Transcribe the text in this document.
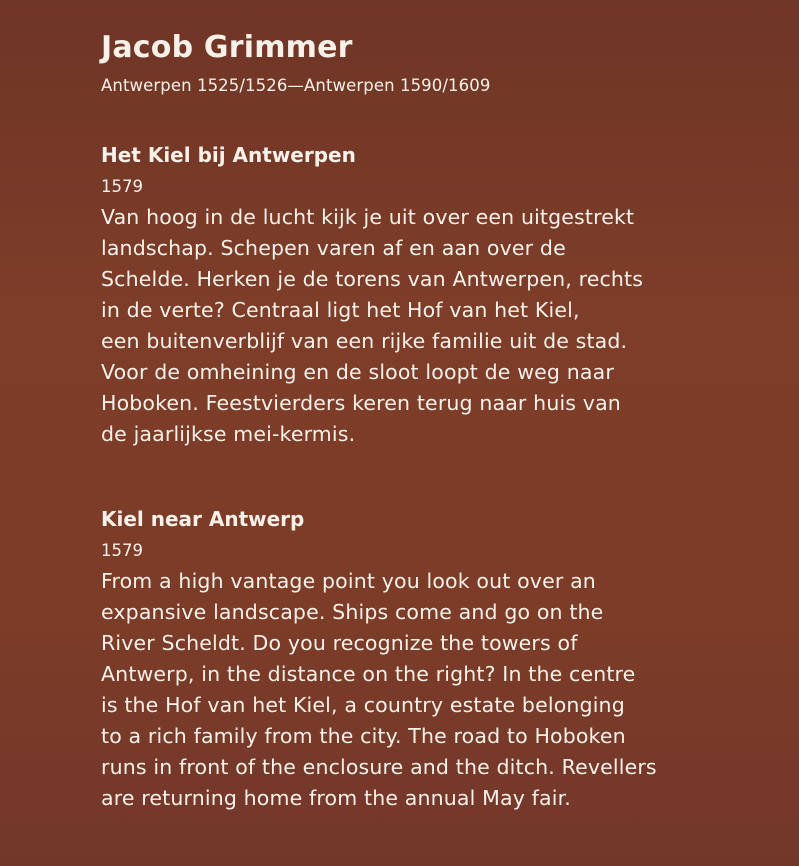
Jacob Grimmer
Antwerpen 1525/1526—Antwerpen 1590/1609
Het Kiel bij Antwerpen
1579
Van hoog in de lucht kijk je uit over een uitgestrekt
landschap. Schepen varen af en aan over de
Schelde. Herken je de torens van Antwerpen, rechts
in de verte? Centraal ligt het Hof van het Kiel,
een buitenverblijf van een rijke familie uit de stad.
Voor de omheining en de sloot loopt de weg naar
Hoboken. Feestvierders keren terug naar huis van
de jaarlijkse mei-kermis.
Kiel near Antwerp
1579
From a high vantage point you look out over an
expansive landscape. Ships come and go on the
River Scheldt. Do you recognize the towers of
Antwerp, in the distance on the right? In the centre
is the Hof van het Kiel, a country estate belonging
to a rich family from the city. The road to Hoboken
runs in front of the enclosure and the ditch. Revellers
are returning home from the annual May fair.
